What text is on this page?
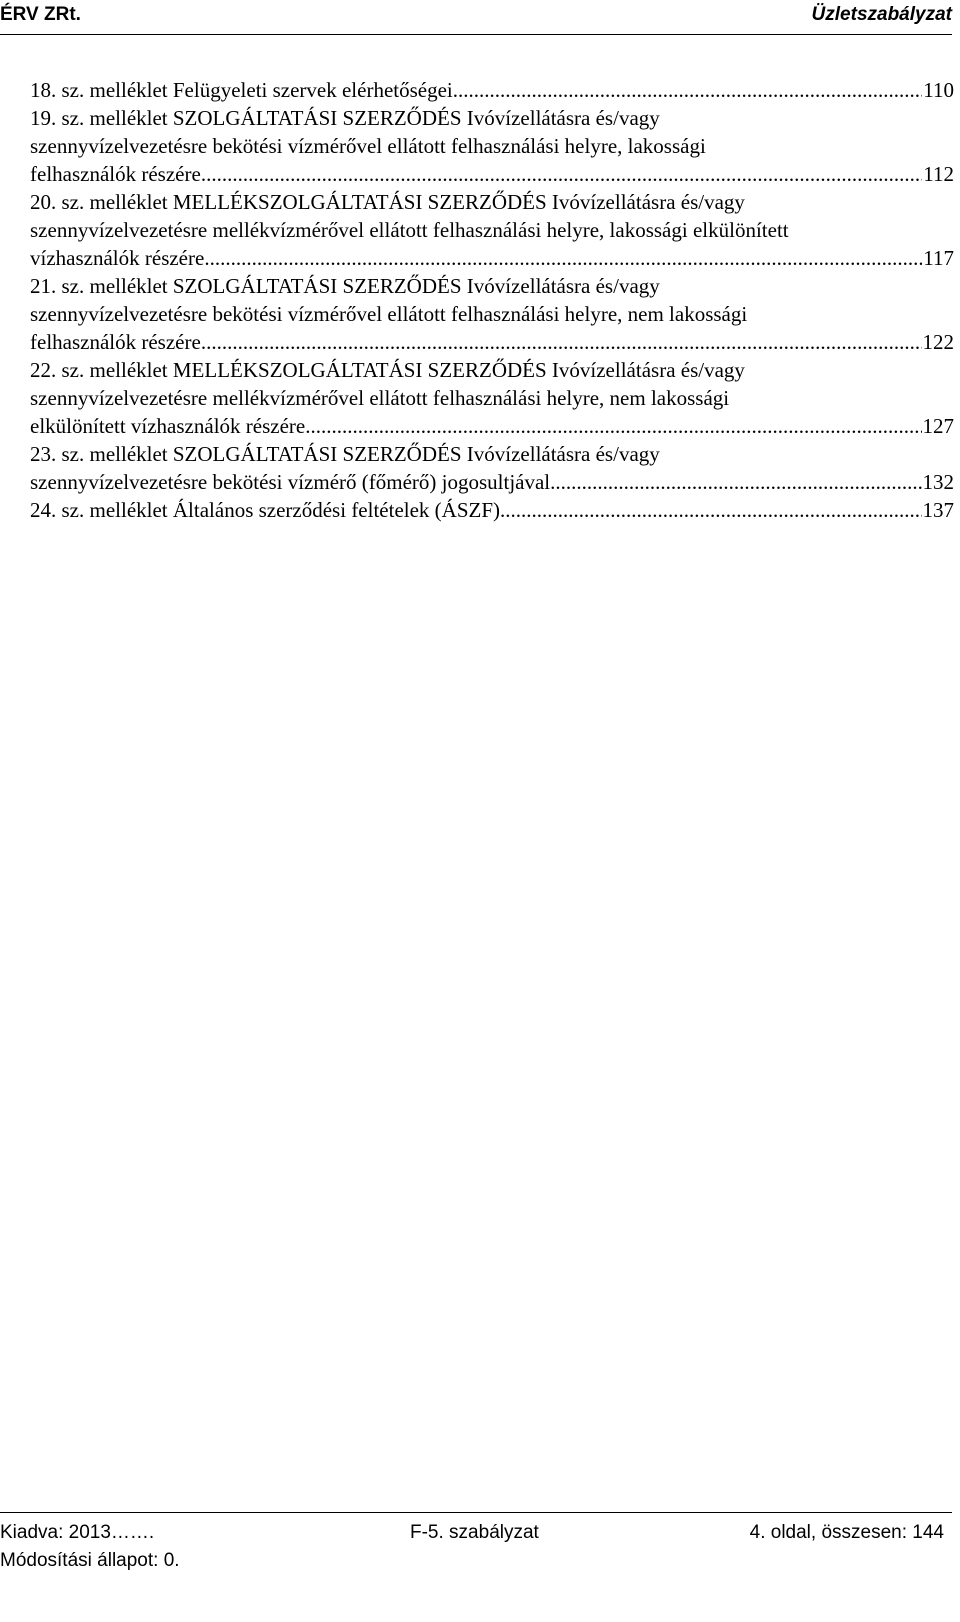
ÉRV ZRt.	Üzletszabályzat
18. sz. melléklet Felügyeleti szervek elérhetőségei .....	110
19. sz. melléklet SZOLGÁLTATÁSI SZERZŐDÉS Ivóvízellátásra és/vagy
szennyvízelvezetésre bekötési vízmérővel ellátott felhasználási helyre, lakossági
felhasználók részére .....	112
20. sz. melléklet MELLÉKSZOLGÁLTATÁSI SZERZŐDÉS Ivóvízellátásra és/vagy
szennyvízelvezetésre mellékvízmérővel ellátott felhasználási helyre, lakossági elkülönített
vízhasználók részére .....	117
21. sz. melléklet SZOLGÁLTATÁSI SZERZŐDÉS Ivóvízellátásra és/vagy
szennyvízelvezetésre bekötési vízmérővel ellátott felhasználási helyre, nem lakossági
felhasználók részére .....	122
22. sz. melléklet MELLÉKSZOLGÁLTATÁSI SZERZŐDÉS Ivóvízellátásra és/vagy
szennyvízelvezetésre mellékvízmérővel ellátott felhasználási helyre, nem lakossági
elkülönített vízhasználók részére .....	127
23. sz. melléklet SZOLGÁLTATÁSI SZERZŐDÉS Ivóvízellátásra és/vagy
szennyvízelvezetésre bekötési vízmérő (főmérő) jogosultjával .....	132
24. sz. melléklet Általános szerződési feltételek (ÁSZF) .....	137
Kiadva: 2013…….
Módosítási állapot: 0.
F-5. szabályzat	4. oldal, összesen: 144
